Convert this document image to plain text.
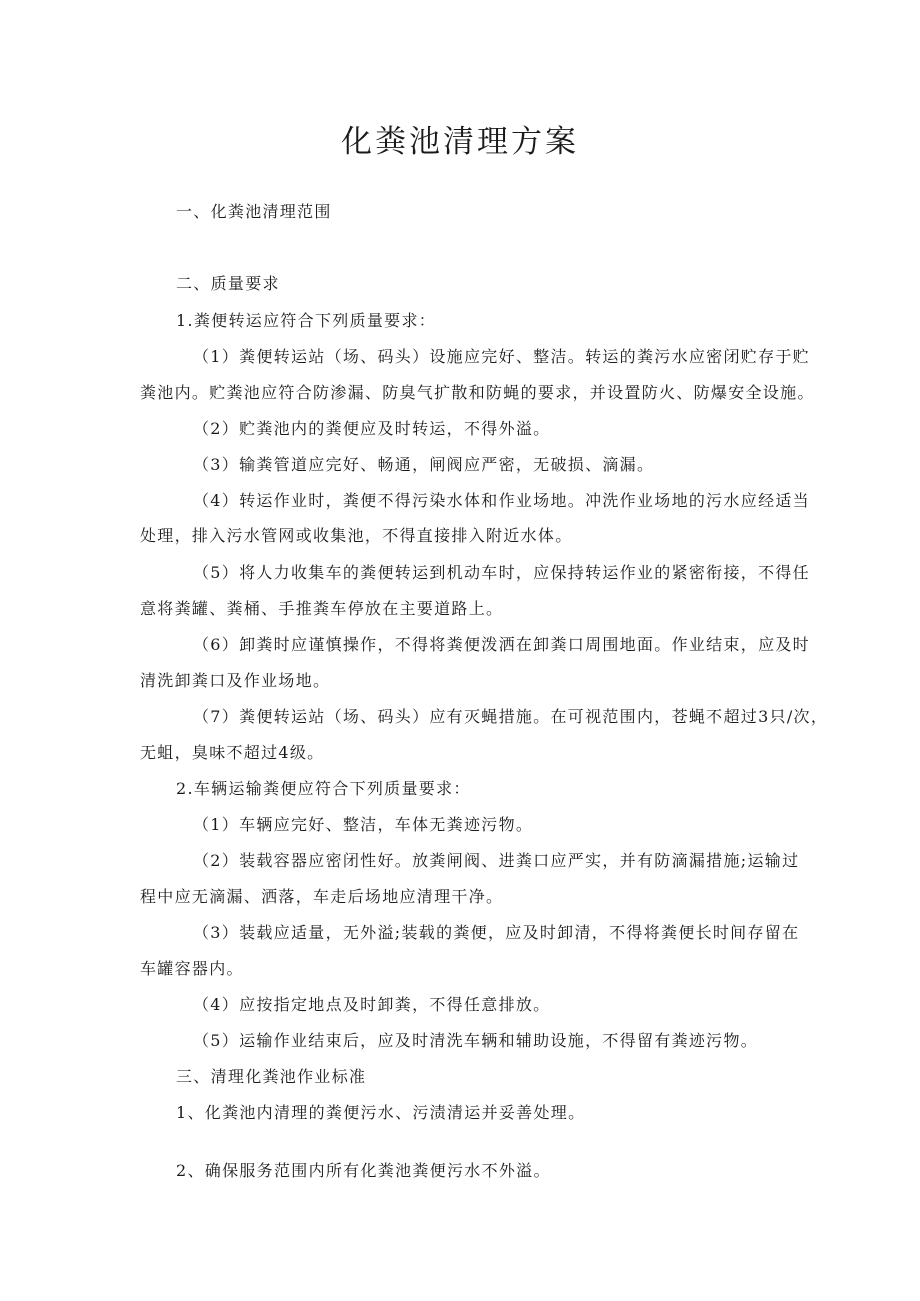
化粪池清理方案

一、化粪池清理范围

二、质量要求

1.粪便转运应符合下列质量要求：

（1）粪便转运站（场、码头）设施应完好、整洁。转运的粪污水应密闭贮存于贮

粪池内。贮粪池应符合防渗漏、防臭气扩散和防蝇的要求，并设置防火、防爆安全设施。

（2）贮粪池内的粪便应及时转运，不得外溢。

（3）输粪管道应完好、畅通，闸阀应严密，无破损、滴漏。

（4）转运作业时，粪便不得污染水体和作业场地。冲洗作业场地的污水应经适当

处理，排入污水管网或收集池，不得直接排入附近水体。

（5）将人力收集车的粪便转运到机动车时，应保持转运作业的紧密衔接，不得任

意将粪罐、粪桶、手推粪车停放在主要道路上。

（6）卸粪时应谨慎操作，不得将粪便泼洒在卸粪口周围地面。作业结束，应及时

清洗卸粪口及作业场地。

（7）粪便转运站（场、码头）应有灭蝇措施。在可视范围内，苍蝇不超过3只/次，

无蛆，臭味不超过4级。

2.车辆运输粪便应符合下列质量要求：

（1）车辆应完好、整洁，车体无粪迹污物。

（2）装载容器应密闭性好。放粪闸阀、进粪口应严实，并有防滴漏措施;运输过

程中应无滴漏、洒落，车走后场地应清理干净。

（3）装载应适量，无外溢;装载的粪便，应及时卸清，不得将粪便长时间存留在

车罐容器内。

（4）应按指定地点及时卸粪，不得任意排放。

（5）运输作业结束后，应及时清洗车辆和辅助设施，不得留有粪迹污物。

三、清理化粪池作业标准

1、化粪池内清理的粪便污水、污渍清运并妥善处理。

2、确保服务范围内所有化粪池粪便污水不外溢。
